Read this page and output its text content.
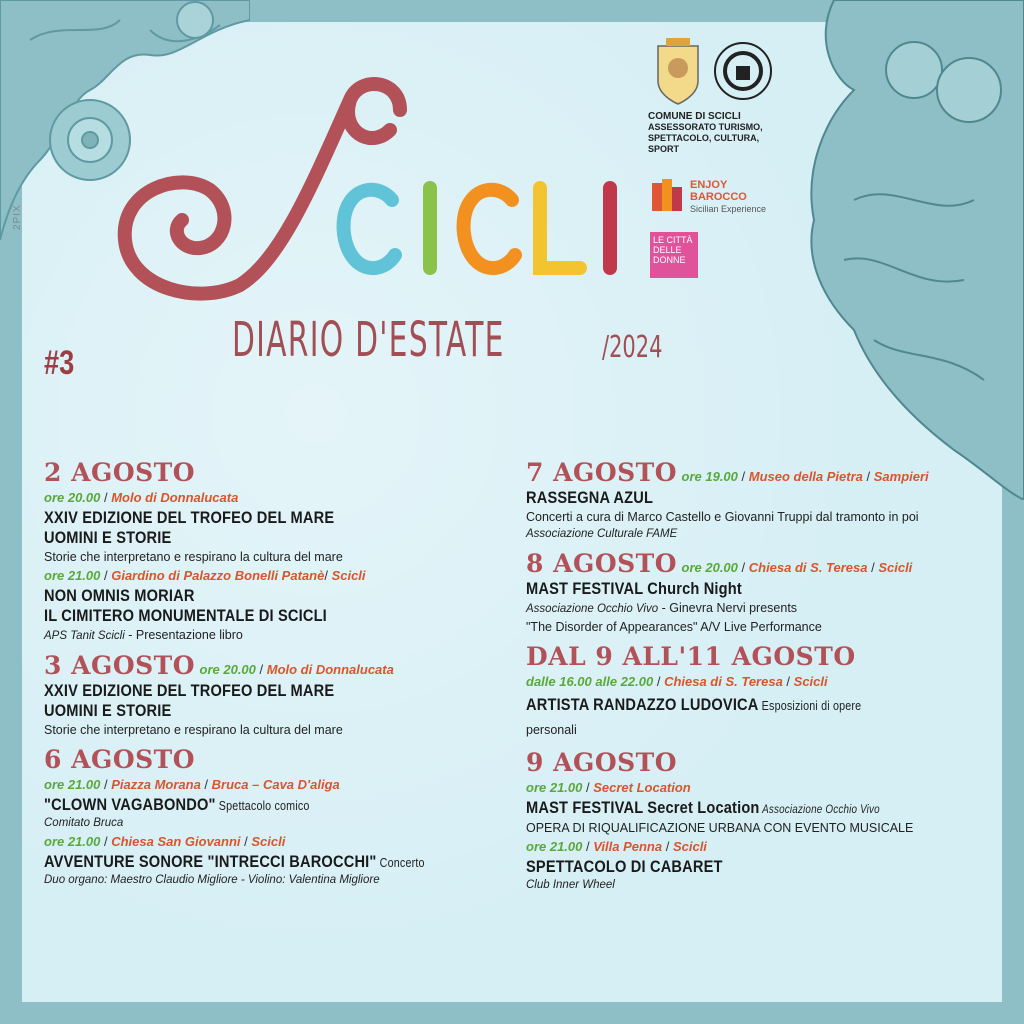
2PIX
DIARIO D'ESTATE	/2024
#3
COMUNE DI SCICLI
ASSESSORATO TURISMO,
SPETTACOLO, CULTURA, SPORT
ENJOY
BAROCCO
Sicilian Experience
LE CITTÀ DELLE DONNE
2 AGOSTO
ore 20.00 / Molo di Donnalucata
XXIV EDIZIONE DEL TROFEO DEL MARE
UOMINI E STORIE
Storie che interpretano e respirano la cultura del mare
ore 21.00 / Giardino di Palazzo Bonelli Patanè/ Scicli
NON OMNIS MORIAR
IL CIMITERO MONUMENTALE DI SCICLI
APS Tanit Scicli - Presentazione libro
3 AGOSTO ore 20.00 / Molo di Donnalucata
XXIV EDIZIONE DEL TROFEO DEL MARE
UOMINI E STORIE
Storie che interpretano e respirano la cultura del mare
6 AGOSTO
ore 21.00 / Piazza Morana / Bruca – Cava D'aliga
"CLOWN VAGABONDO" Spettacolo comico
Comitato Bruca
ore 21.00 / Chiesa San Giovanni / Scicli
AVVENTURE SONORE "INTRECCI BAROCCHI" Concerto
Duo organo: Maestro Claudio Migliore - Violino: Valentina Migliore
7 AGOSTO ore 19.00 / Museo della Pietra / Sampieri
RASSEGNA AZUL
Concerti a cura di Marco Castello e Giovanni Truppi dal tramonto in poi
Associazione Culturale FAME
8 AGOSTO ore 20.00 / Chiesa di S. Teresa / Scicli
MAST FESTIVAL Church Night
Associazione Occhio Vivo - Ginevra Nervi presents
"The Disorder of Appearances" A/V Live Performance
DAL 9 ALL'11 AGOSTO
dalle 16.00 alle 22.00 / Chiesa di S. Teresa / Scicli
ARTISTA RANDAZZO LUDOVICA Esposizioni di opere
personali
9 AGOSTO
ore 21.00 / Secret Location
MAST FESTIVAL Secret Location Associazione Occhio Vivo
OPERA DI RIQUALIFICAZIONE URBANA CON EVENTO MUSICALE
ore 21.00 / Villa Penna / Scicli
SPETTACOLO DI CABARET
Club Inner Wheel
